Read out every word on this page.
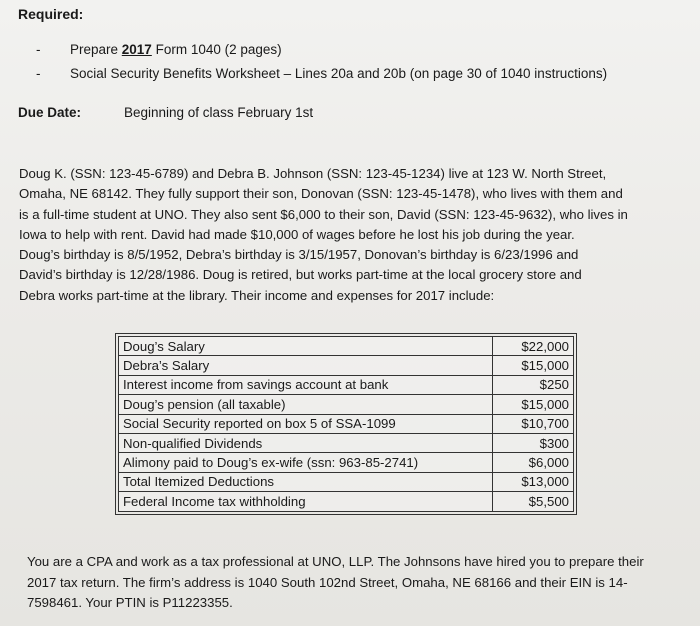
Required:
-	Prepare 2017 Form 1040 (2 pages)
-	Social Security Benefits Worksheet – Lines 20a and 20b (on page 30 of 1040 instructions)
Due Date:	Beginning of class February 1st
Doug K. (SSN: 123-45-6789) and Debra B. Johnson (SSN: 123-45-1234) live at 123 W. North Street,
Omaha, NE 68142. They fully support their son, Donovan (SSN: 123-45-1478), who lives with them and
is a full-time student at UNO. They also sent $6,000 to their son, David (SSN: 123-45-9632), who lives in
Iowa to help with rent. David had made $10,000 of wages before he lost his job during the year.
Doug’s birthday is 8/5/1952, Debra’s birthday is 3/15/1957, Donovan’s birthday is 6/23/1996 and
David’s birthday is 12/28/1986. Doug is retired, but works part-time at the local grocery store and
Debra works part-time at the library. Their income and expenses for 2017 include:
Doug’s Salary	$22,000
Debra’s Salary	$15,000
Interest income from savings account at bank	$250
Doug’s pension (all taxable)	$15,000
Social Security reported on box 5 of SSA-1099	$10,700
Non-qualified Dividends	$300
Alimony paid to Doug’s ex-wife (ssn: 963-85-2741)	$6,000
Total Itemized Deductions	$13,000
Federal Income tax withholding	$5,500
You are a CPA and work as a tax professional at UNO, LLP. The Johnsons have hired you to prepare their
2017 tax return. The firm’s address is 1040 South 102nd Street, Omaha, NE 68166 and their EIN is 14-
7598461. Your PTIN is P11223355.
